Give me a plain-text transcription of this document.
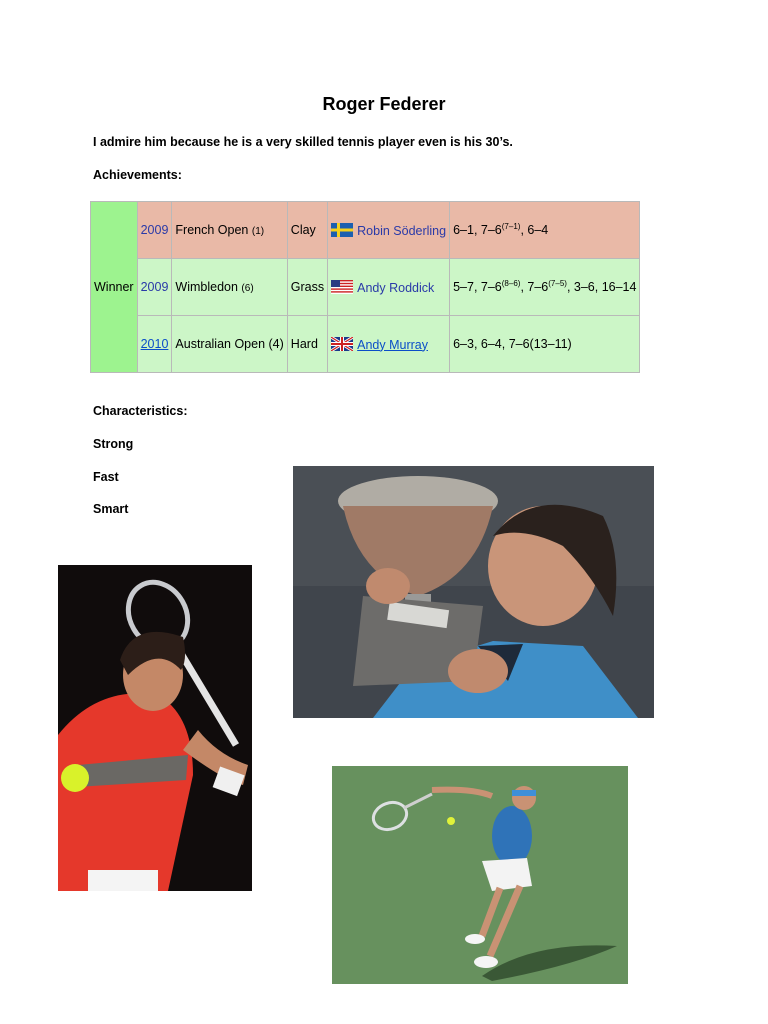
Roger Federer
I admire him because he is a very skilled tennis player even is his 30’s.
Achievements:
Winner	2009	French Open (1)	Clay	Robin Söderling	6–1, 7–6$^{(7-1)}$, 6–4
	2009	Wimbledon (6)	Grass	Andy Roddick	5–7, 7–6$^{(8-6)}$, 7–6$^{(7-5)}$, 3–6, 16–14
	2010	Australian Open (4)	Hard	Andy Murray	6–3, 6–4, 7–6(13–11)
Characteristics:
Strong
Fast
Smart
